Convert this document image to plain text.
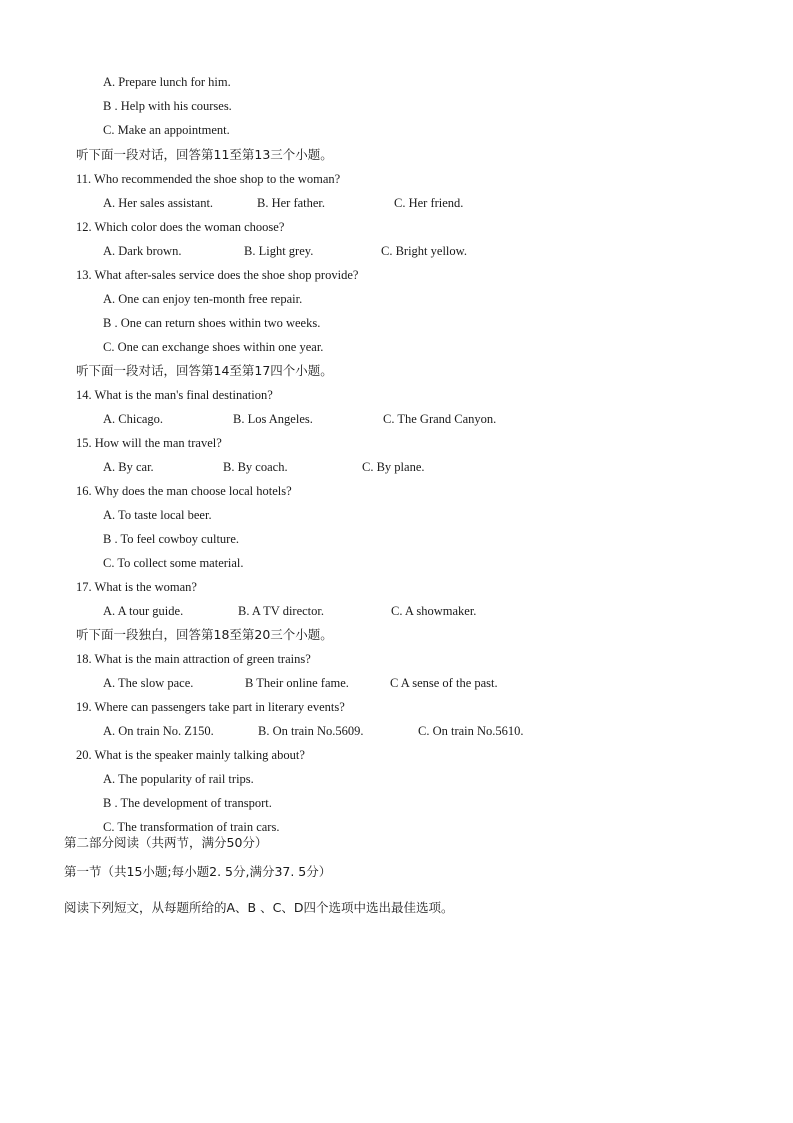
A. Prepare lunch for him.
B . Help with his courses.
C. Make an appointment.
听下面一段对话，回答第11至第13三个小题。
11. Who recommended the shoe shop to the woman?
A. Her sales assistant.	B. Her father.	C. Her friend.
12. Which color does the woman choose?
A. Dark brown.	B. Light grey.	C. Bright yellow.
13. What after-sales service does the shoe shop provide?
A. One can enjoy ten-month free repair.
B . One can return shoes within two weeks.
C. One can exchange shoes within one year.
听下面一段对话，回答第14至第17四个小题。
14. What is the man's final destination?
A. Chicago.	B. Los Angeles.	C. The Grand Canyon.
15. How will the man travel?
A. By car.	B. By coach.	C. By plane.
16. Why does the man choose local hotels?
A. To taste local beer.
B . To feel cowboy culture.
C. To collect some material.
17. What is the woman?
A. A tour guide.	B. A TV director.	C. A showmaker.
听下面一段独白，回答第18至第20三个小题。
18. What is the main attraction of green trains?
A. The slow pace.	B Their online fame.	C A sense of the past.
19. Where can passengers take part in literary events?
A. On train No. Z150.	B. On train No.5609.	C. On train No.5610.
20. What is the speaker mainly talking about?
A. The popularity of rail trips.
B . The development of transport.
C. The transformation of train cars.
第二部分阅读（共两节，满分50分）
第一节（共15小题;每小题2. 5分,满分37. 5分）
阅读下列短文，从每题所给的A、B 、C、D四个选项中选出最佳选项。
